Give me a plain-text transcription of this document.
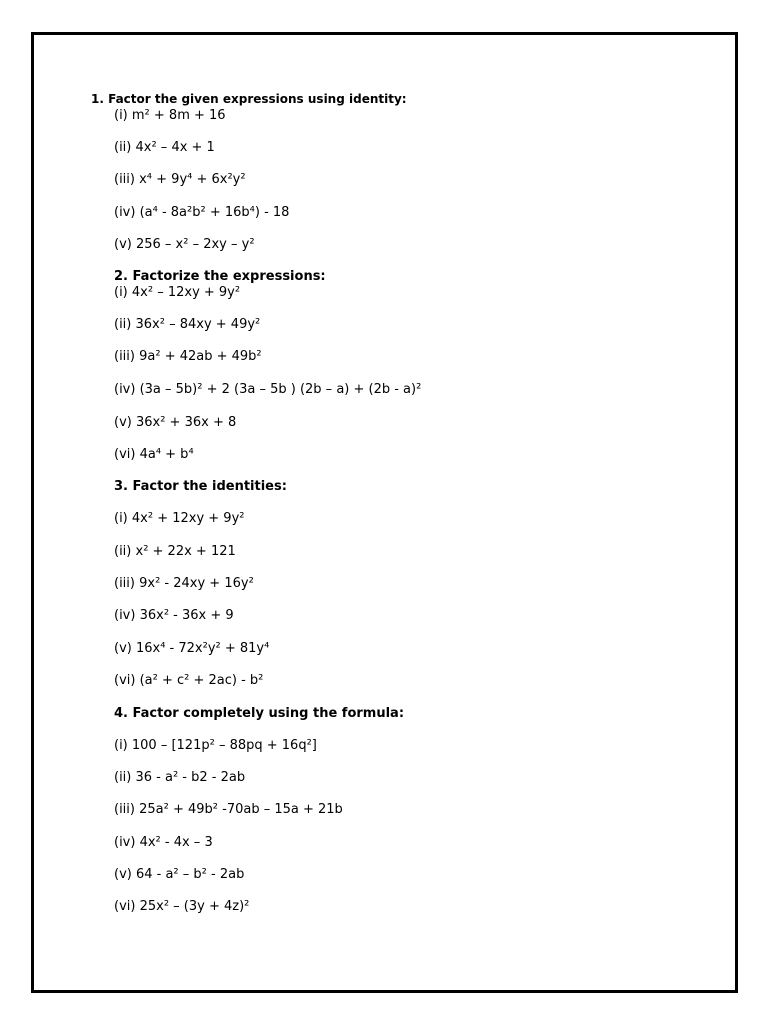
1. Factor the given expressions using identity:
(i) m² + 8m + 16
(ii) 4x² – 4x + 1
(iii) x⁴ + 9y⁴ + 6x²y²
(iv) (a⁴ - 8a²b² + 16b⁴) - 18
(v) 256 – x² – 2xy – y²
2. Factorize the expressions:
(i) 4x² – 12xy + 9y²
(ii) 36x² – 84xy + 49y²
(iii) 9a² + 42ab + 49b²
(iv) (3a – 5b)² + 2 (3a – 5b ) (2b – a) + (2b - a)²
(v) 36x² + 36x + 8
(vi) 4a⁴ + b⁴
3. Factor the identities:
(i) 4x² + 12xy + 9y²
(ii) x² + 22x + 121
(iii) 9x² - 24xy + 16y²
(iv) 36x² - 36x + 9
(v) 16x⁴ - 72x²y² + 81y⁴
(vi) (a² + c² + 2ac) - b²
4. Factor completely using the formula:
(i) 100 – [121p² – 88pq + 16q²]
(ii) 36 - a² - b2 - 2ab
(iii) 25a² + 49b² -70ab – 15a + 21b
(iv) 4x² - 4x – 3
(v) 64 - a² – b² - 2ab
(vi) 25x² – (3y + 4z)²
